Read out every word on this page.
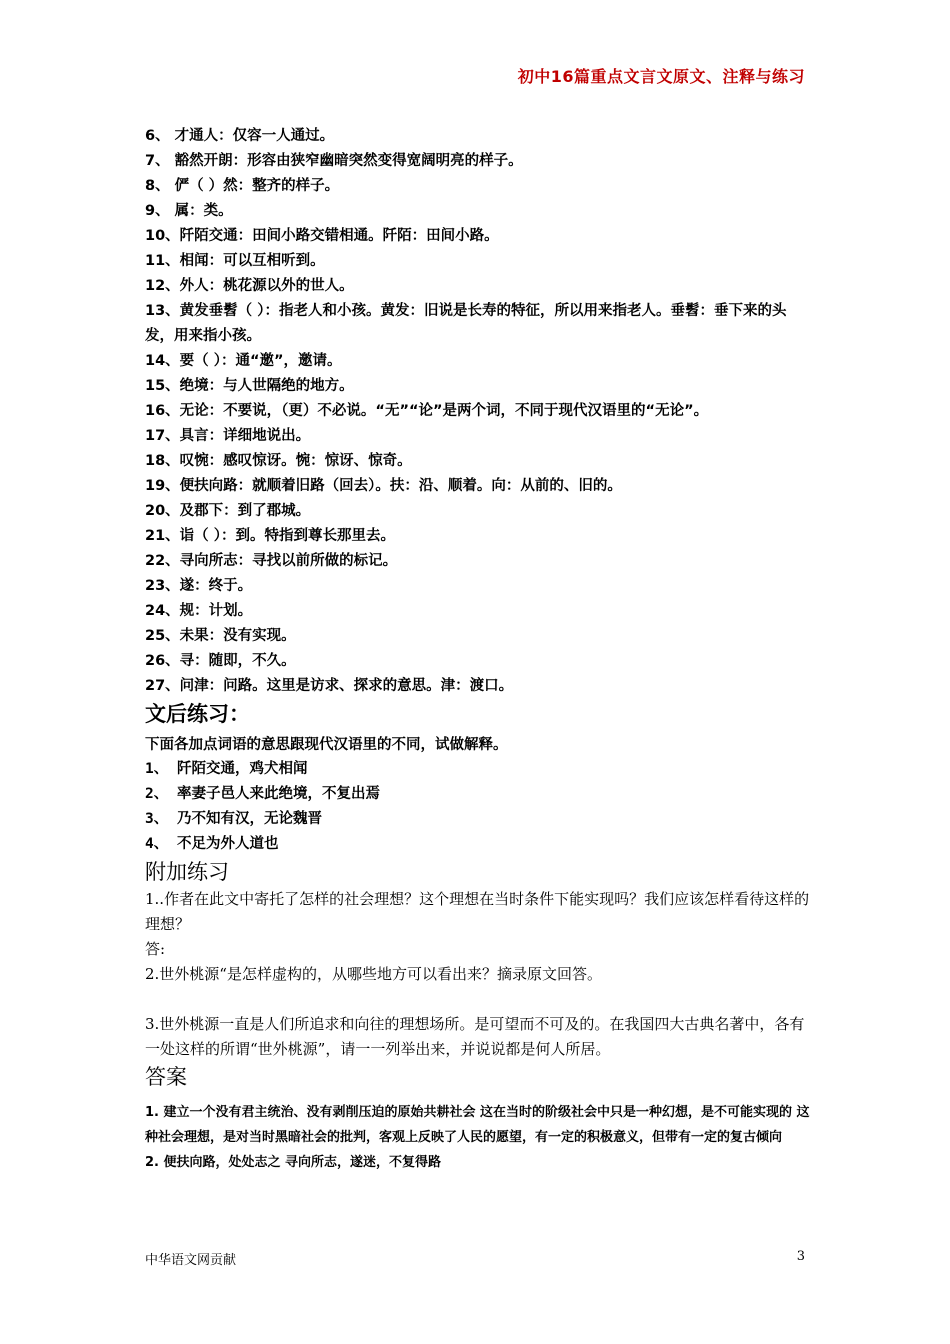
初中16篇重点文言文原文、注释与练习

6、 才通人：仅容一人通过。

7、 豁然开朗：形容由狭窄幽暗突然变得宽阔明亮的样子。

8、 俨（ ）然：整齐的样子。

9、 属：类。

10、阡陌交通：田间小路交错相通。阡陌：田间小路。

11、相闻：可以互相听到。

12、外人：桃花源以外的世人。

13、黄发垂髫（ ）：指老人和小孩。黄发：旧说是长寿的特征，所以用来指老人。垂髫：垂下来的头发，用来指小孩。

14、要（ ）：通“邀”，邀请。

15、绝境：与人世隔绝的地方。

16、无论：不要说，（更）不必说。“无”“论”是两个词，不同于现代汉语里的“无论”。

17、具言：详细地说出。

18、叹惋：感叹惊讶。惋：惊讶、惊奇。

19、便扶向路：就顺着旧路（回去）。扶：沿、顺着。向：从前的、旧的。

20、及郡下：到了郡城。

21、诣（ ）：到。特指到尊长那里去。

22、寻向所志：寻找以前所做的标记。

23、遂：终于。

24、规：计划。

25、未果：没有实现。

26、寻：随即，不久。

27、问津：问路。这里是访求、探求的意思。津：渡口。

文后练习：

下面各加点词语的意思跟现代汉语里的不同，试做解释。

1、 阡陌交通，鸡犬相闻

2、 率妻子邑人来此绝境，不复出焉

3、 乃不知有汉，无论魏晋

4、 不足为外人道也

附加练习

1..作者在此文中寄托了怎样的社会理想？这个理想在当时条件下能实现吗？我们应该怎样看待这样的理想？

答:

2.世外桃源“是怎样虚构的，从哪些地方可以看出来？摘录原文回答。

3.世外桃源一直是人们所追求和向往的理想场所。是可望而不可及的。在我国四大古典名著中，各有一处这样的所谓“世外桃源”，请一一列举出来，并说说都是何人所居。

答案

1. 建立一个没有君主统治、没有剥削压迫的原始共耕社会 这在当时的阶级社会中只是一种幻想，是不可能实现的 这种社会理想，是对当时黑暗社会的批判，客观上反映了人民的愿望，有一定的积极意义，但带有一定的复古倾向

2. 便扶向路，处处志之 寻向所志，遂迷，不复得路

中华语文网贡献	3
